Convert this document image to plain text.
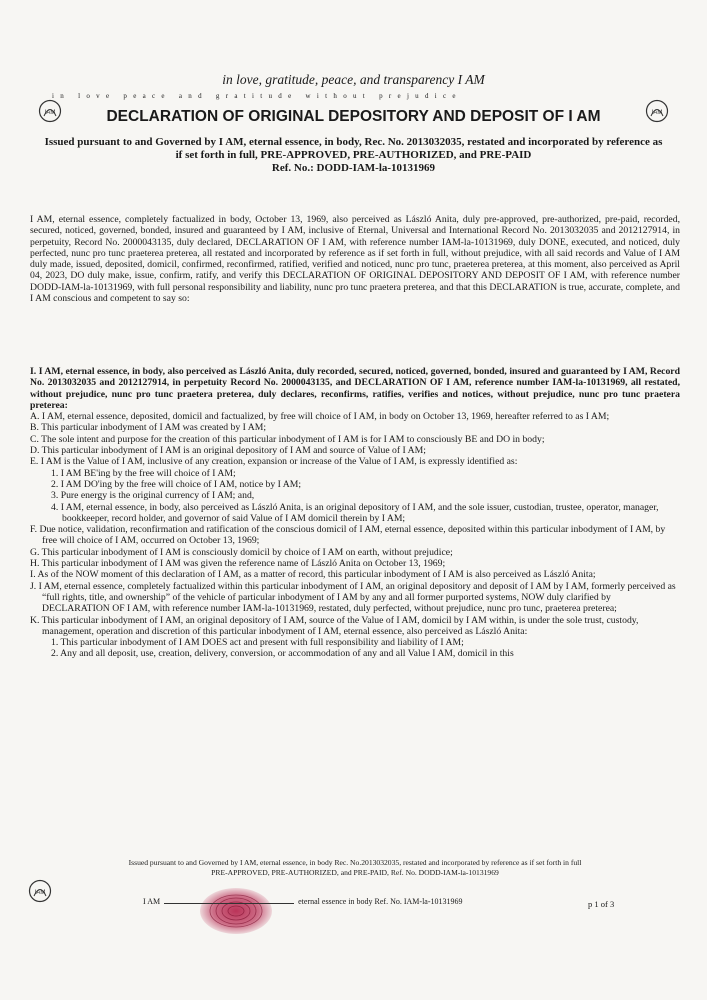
in love, gratitude, peace, and transparency I AM
in love peace and gratitude without prejudice
IAM	IAM
DECLARATION OF ORIGINAL DEPOSITORY AND DEPOSIT OF I AM
Issued pursuant to and Governed by I AM, eternal essence, in body, Rec. No. 2013032035, restated and incorporated by reference as if set forth in full, PRE-APPROVED, PRE-AUTHORIZED, and PRE-PAID
Ref. No.: DODD-IAM-la-10131969
I AM, eternal essence, completely factualized in body, October 13, 1969, also perceived as László Anita, duly pre-approved, pre-authorized, pre-paid, recorded, secured, noticed, governed, bonded, insured and guaranteed by I AM, inclusive of Eternal, Universal and International Record No. 2013032035 and 2012127914, in perpetuity, Record No. 2000043135, duly declared, DECLARATION OF I AM, with reference number IAM-la-10131969, duly DONE, executed, and noticed, duly perfected, nunc pro tunc praeterea preterea, all restated and incorporated by reference as if set forth in full, without prejudice, with all said records and Value of I AM duly made, issued, deposited, domicil, confirmed, reconfirmed, ratified, verified and noticed, nunc pro tunc, praeterea preterea, at this moment, also perceived as April 04, 2023, DO duly make, issue, confirm, ratify, and verify this DECLARATION OF ORIGINAL DEPOSITORY AND DEPOSIT OF I AM, with reference number DODD-IAM-la-10131969, with full personal responsibility and liability, nunc pro tunc praetera preterea, and that this DECLARATION is true, accurate, complete, and I AM conscious and competent to say so:
I. I AM, eternal essence, in body, also perceived as László Anita, duly recorded, secured, noticed, governed, bonded, insured and guaranteed by I AM, Record No. 2013032035 and 2012127914, in perpetuity Record No. 2000043135, and DECLARATION OF I AM, reference number IAM-la-10131969, all restated, without prejudice, nunc pro tunc praetera preterea, duly declares, reconfirms, ratifies, verifies and notices, without prejudice, nunc pro tunc praetera preterea:
A. I AM, eternal essence, deposited, domicil and factualized, by free will choice of I AM, in body on October 13, 1969, hereafter referred to as I AM;
B. This particular inbodyment of I AM was created by I AM;
C. The sole intent and purpose for the creation of this particular inbodyment of I AM is for I AM to consciously BE and DO in body;
D. This particular inbodyment of I AM is an original depository of I AM and source of Value of I AM;
E. I AM is the Value of I AM, inclusive of any creation, expansion or increase of the Value of I AM, is expressly identified as:
1. I AM BE'ing by the free will choice of I AM;
2. I AM DO'ing by the free will choice of I AM, notice by I AM;
3. Pure energy is the original currency of I AM; and,
4. I AM, eternal essence, in body, also perceived as László Anita, is an original depository of I AM, and the sole issuer, custodian, trustee, operator, manager, bookkeeper, record holder, and governor of said Value of I AM domicil therein by I AM;
F. Due notice, validation, reconfirmation and ratification of the conscious domicil of I AM, eternal essence, deposited within this particular inbodyment of I AM, by free will choice of I AM, occurred on October 13, 1969;
G. This particular inbodyment of I AM is consciously domicil by choice of I AM on earth, without prejudice;
H. This particular inbodyment of I AM was given the reference name of László Anita on October 13, 1969;
I. As of the NOW moment of this declaration of I AM, as a matter of record, this particular inbodyment of I AM is also perceived as László Anita;
J. I AM, eternal essence, completely factualized within this particular inbodyment of I AM, an original depository and deposit of I AM by I AM, formerly perceived as “full rights, title, and ownership” of the vehicle of particular inbodyment of I AM by any and all former purported systems, NOW duly clarified by DECLARATION OF I AM, with reference number IAM-la-10131969, restated, duly perfected, without prejudice, nunc pro tunc, praeterea preterea;
K. This particular inbodyment of I AM, an original depository of I AM, source of the Value of I AM, domicil by I AM within, is under the sole trust, custody, management, operation and discretion of this particular inbodyment of I AM, eternal essence, also perceived as László Anita:
1. This particular inbodyment of I AM DOES act and present with full responsibility and liability of I AM;
2. Any and all deposit, use, creation, delivery, conversion, or accommodation of any and all Value I AM, domicil in this
Issued pursuant to and Governed by I AM, eternal essence, in body Rec. No.2013032035, restated and incorporated by reference as if set forth in full
PRE-APPROVED, PRE-AUTHORIZED, and PRE-PAID, Ref. No. DODD-IAM-la-10131969
IAM
I AM	eternal essence in body Ref. No. IAM-la-10131969	p 1 of 3
